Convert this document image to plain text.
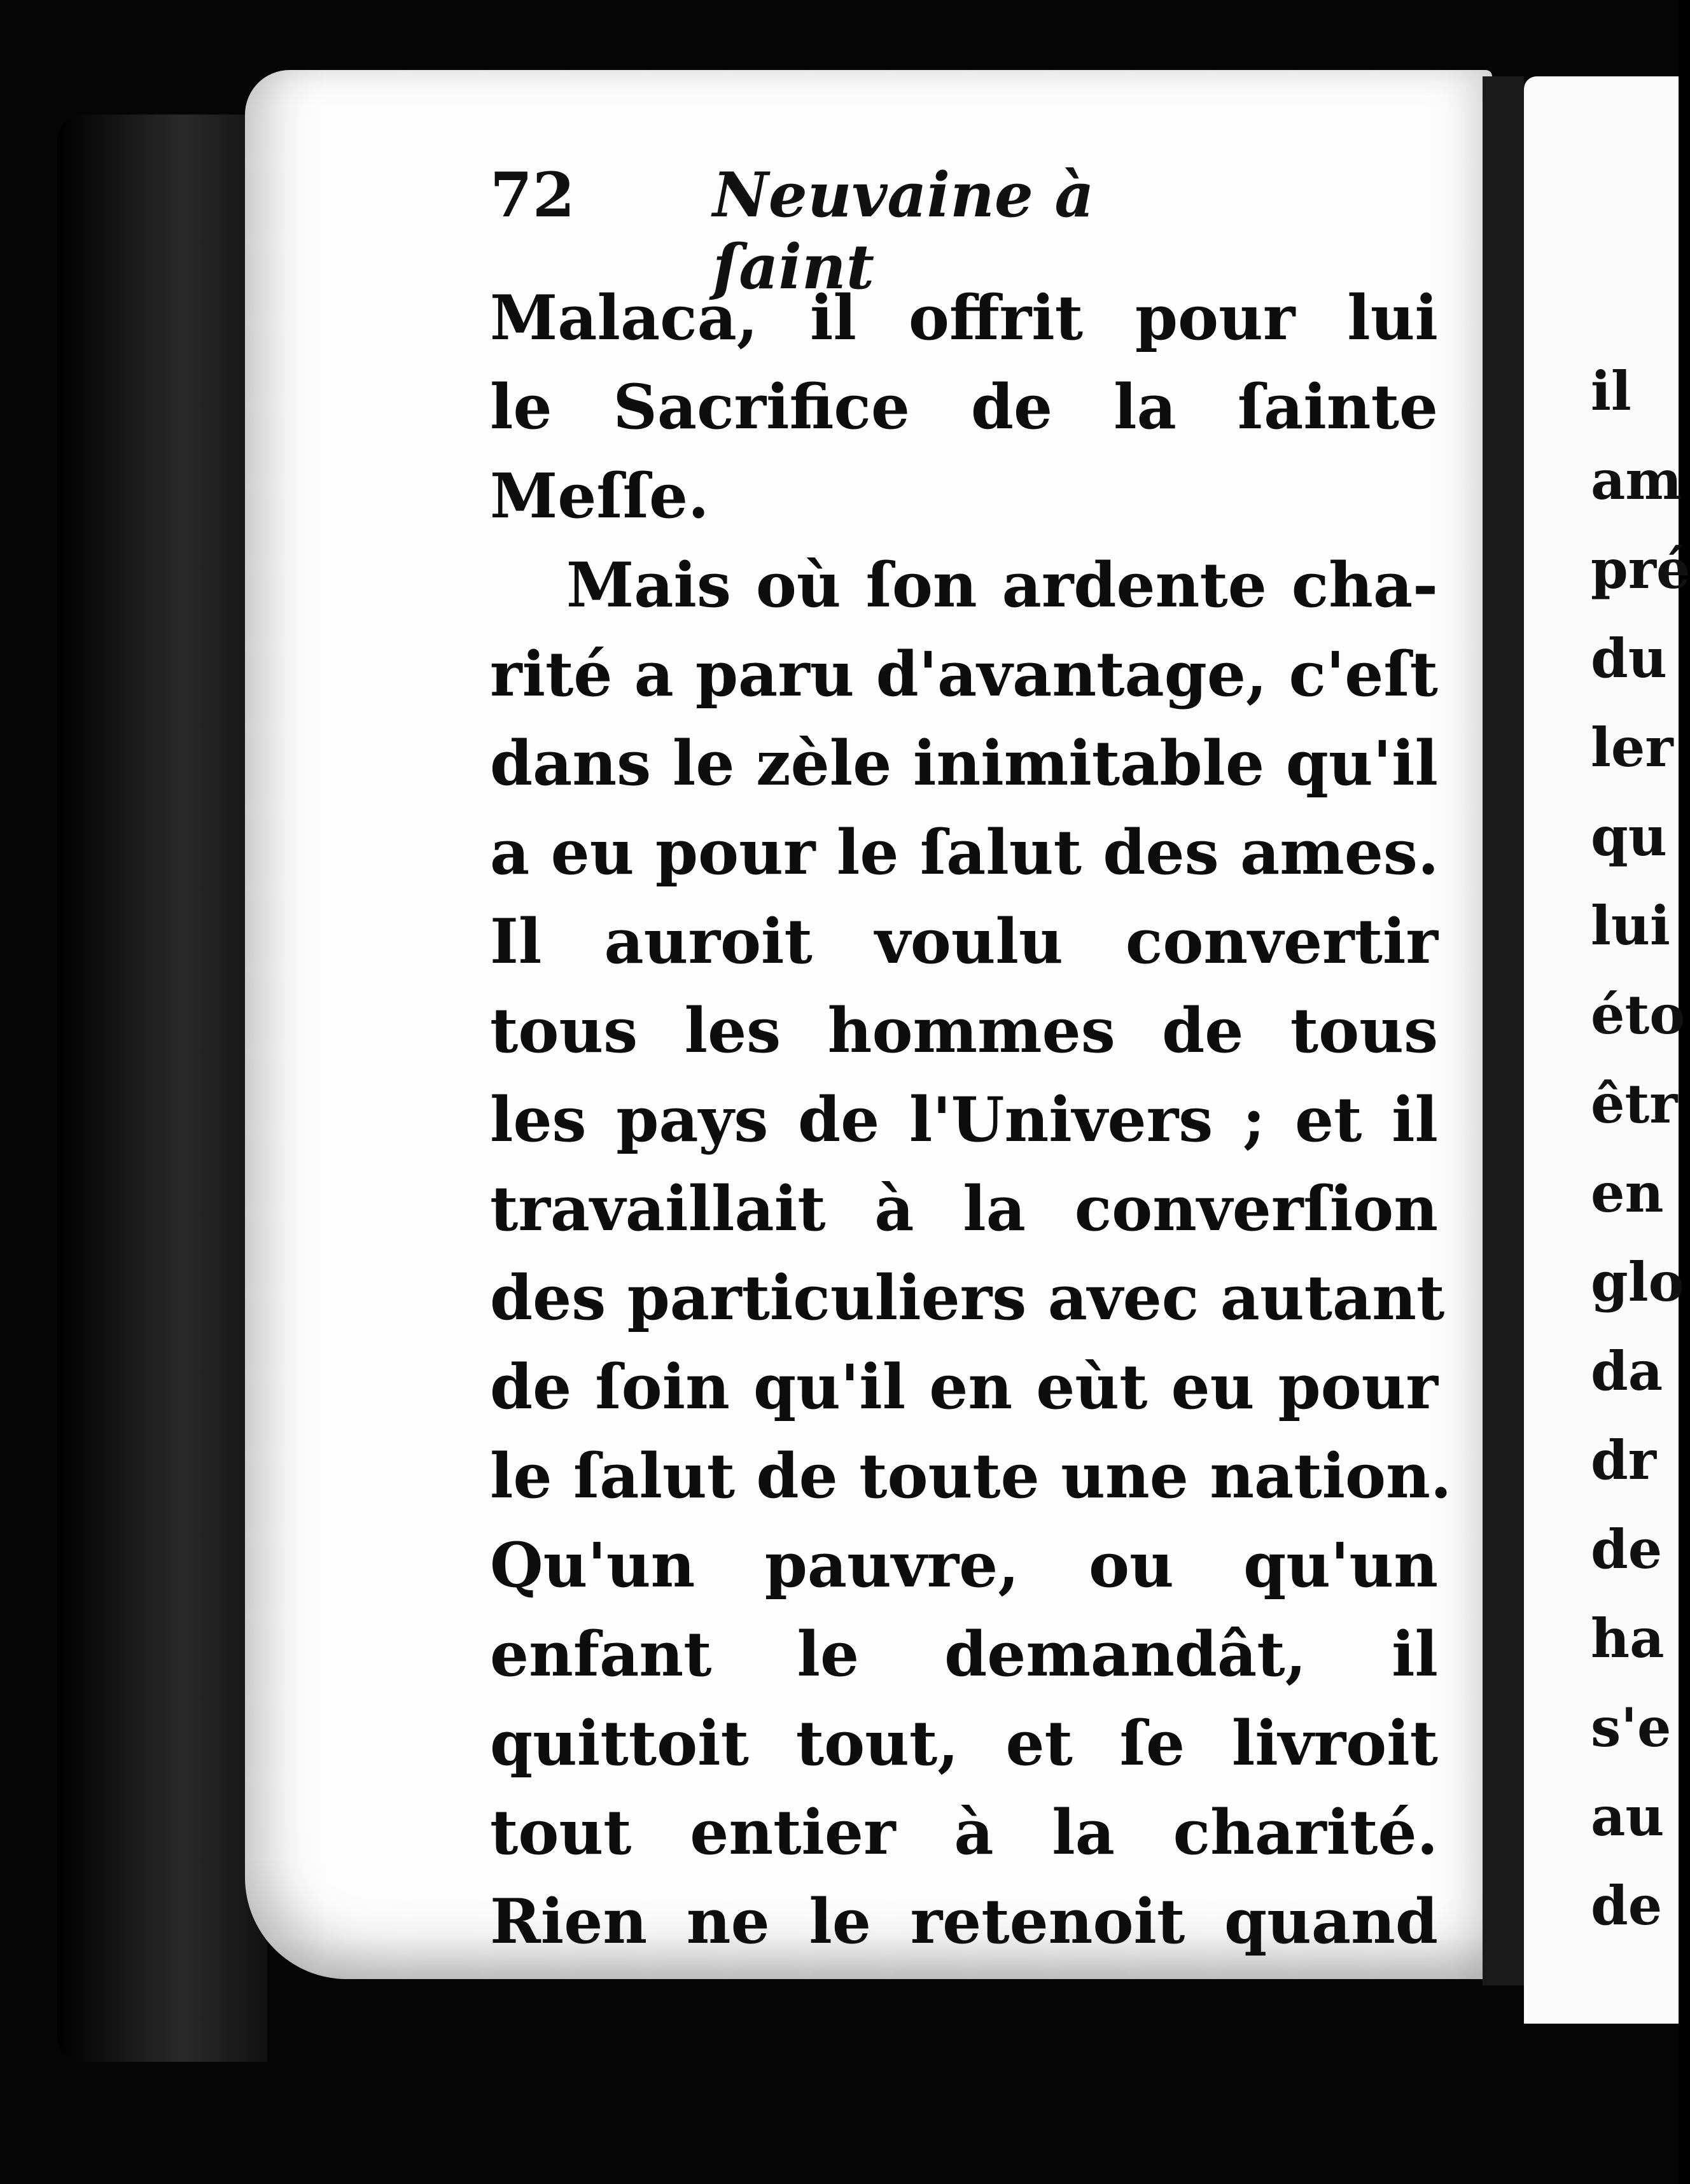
72 Neuvaine à ſaint
Malaca, il offrit pour lui
le Sacrifice de la ſainte
Meſſe.
Mais où ſon ardente cha-
rité a paru d'avantage, c'eſt
dans le zèle inimitable qu'il
a eu pour le ſalut des ames.
Il auroit voulu convertir
tous les hommes de tous
les pays de l'Univers ; et il
travaillait à la converſion
des particuliers avec autant
de ſoin qu'il en eùt eu pour
le ſalut de toute une nation.
Qu'un pauvre, ou qu'un
enfant le demandât, il
quittoit tout, et ſe livroit
tout entier à la charité.
Rien ne le retenoit quand
il
am
pré
du
ler
qu
lui
éto
êtr
en
glo
da
dr
de
ha
s'e
au
de
